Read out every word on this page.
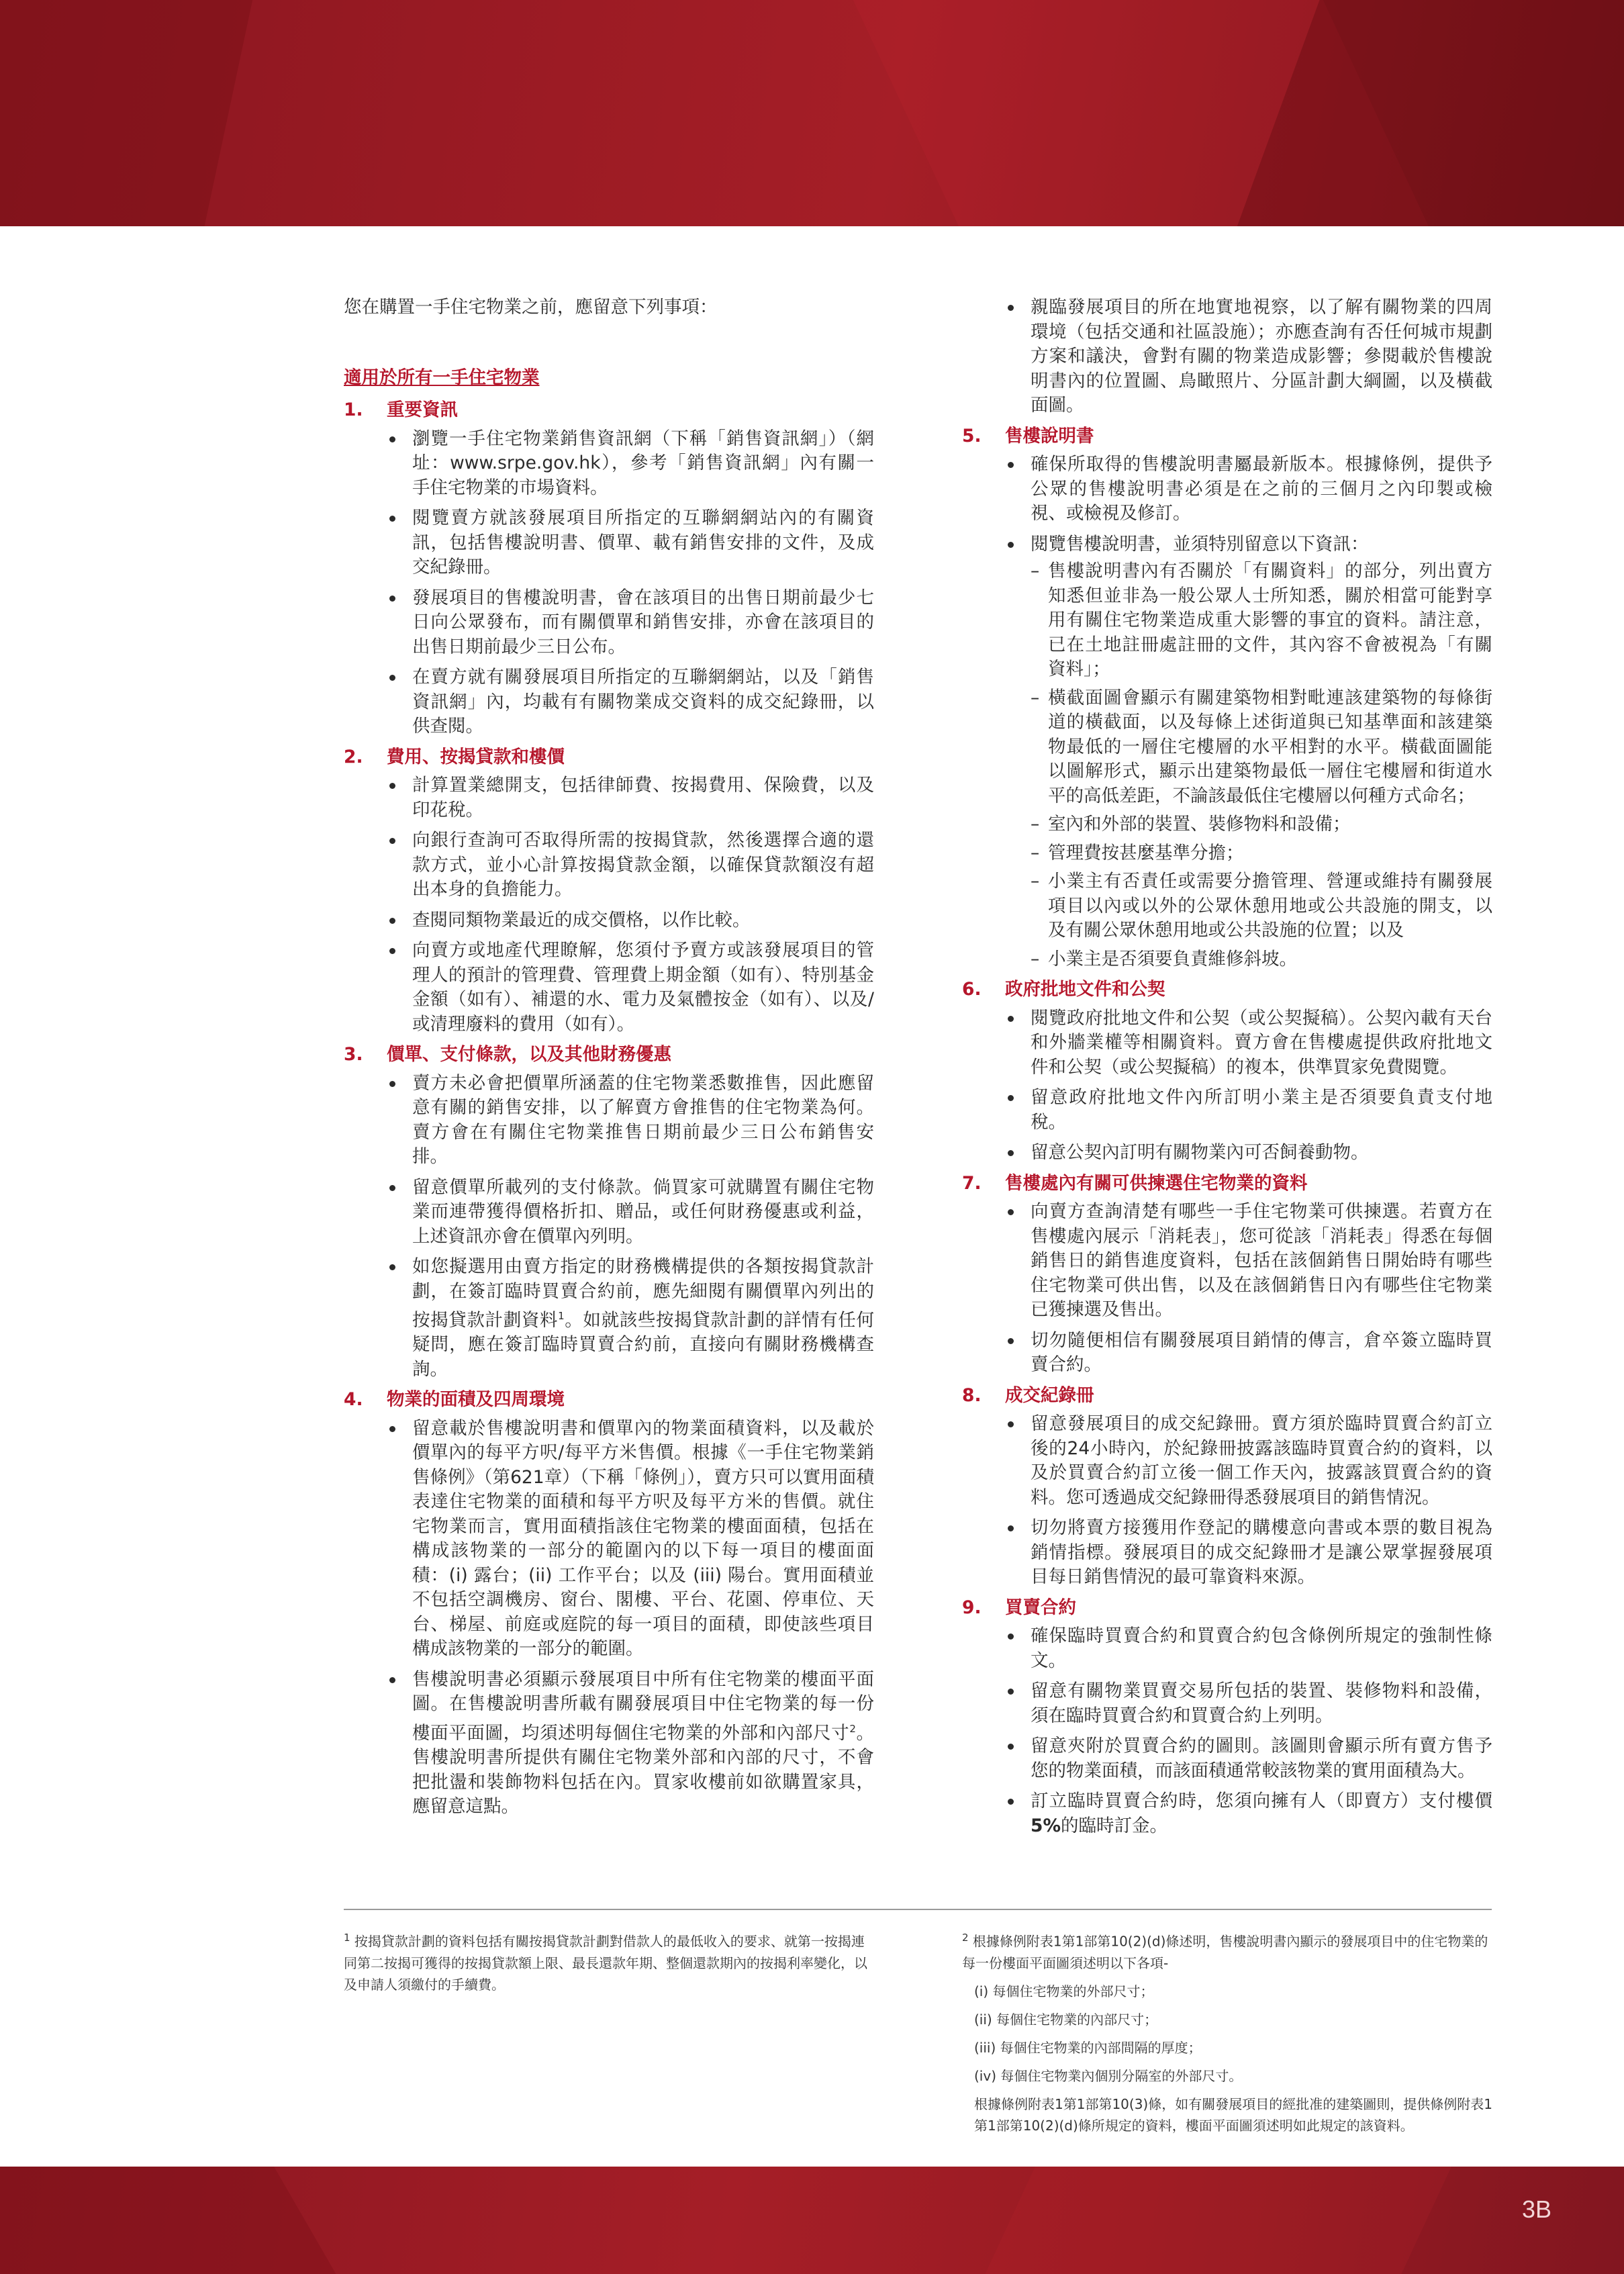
您在購置一手住宅物業之前，應留意下列事項：

適用於所有一手住宅物業
1.	重要資訊
瀏覽一手住宅物業銷售資訊網（下稱「銷售資訊網」）（網址：www.srpe.gov.hk），參考「銷售資訊網」內有關一手住宅物業的市場資料。
閱覽賣方就該發展項目所指定的互聯網網站內的有關資訊，包括售樓說明書、價單、載有銷售安排的文件，及成交紀錄冊。
發展項目的售樓說明書，會在該項目的出售日期前最少七日向公眾發布，而有關價單和銷售安排，亦會在該項目的出售日期前最少三日公布。
在賣方就有關發展項目所指定的互聯網網站，以及「銷售資訊網」內，均載有有關物業成交資料的成交紀錄冊，以供查閱。
2.	費用、按揭貸款和樓價
計算置業總開支，包括律師費、按揭費用、保險費，以及印花稅。
向銀行查詢可否取得所需的按揭貸款，然後選擇合適的還款方式，並小心計算按揭貸款金額，以確保貸款額沒有超出本身的負擔能力。
查閱同類物業最近的成交價格，以作比較。
向賣方或地產代理瞭解，您須付予賣方或該發展項目的管理人的預計的管理費、管理費上期金額（如有）、特別基金金額（如有）、補還的水、電力及氣體按金（如有）、以及/或清理廢料的費用（如有）。
3.	價單、支付條款，以及其他財務優惠
賣方未必會把價單所涵蓋的住宅物業悉數推售，因此應留意有關的銷售安排，以了解賣方會推售的住宅物業為何。賣方會在有關住宅物業推售日期前最少三日公布銷售安排。
留意價單所載列的支付條款。倘買家可就購置有關住宅物業而連帶獲得價格折扣、贈品，或任何財務優惠或利益，上述資訊亦會在價單內列明。
如您擬選用由賣方指定的財務機構提供的各類按揭貸款計劃，在簽訂臨時買賣合約前，應先細閱有關價單內列出的按揭貸款計劃資料$^1$。如就該些按揭貸款計劃的詳情有任何疑問，應在簽訂臨時買賣合約前，直接向有關財務機構查詢。
4.	物業的面積及四周環境
留意載於售樓說明書和價單內的物業面積資料，以及載於價單內的每平方呎/每平方米售價。根據《一手住宅物業銷售條例》（第621章）（下稱「條例」），賣方只可以實用面積表達住宅物業的面積和每平方呎及每平方米的售價。就住宅物業而言，實用面積指該住宅物業的樓面面積，包括在構成該物業的一部分的範圍內的以下每一項目的樓面面積：(i) 露台；(ii) 工作平台；以及 (iii) 陽台。實用面積並不包括空調機房、窗台、閣樓、平台、花園、停車位、天台、梯屋、前庭或庭院的每一項目的面積，即使該些項目構成該物業的一部分的範圍。
售樓說明書必須顯示發展項目中所有住宅物業的樓面平面圖。在售樓說明書所載有關發展項目中住宅物業的每一份樓面平面圖，均須述明每個住宅物業的外部和內部尺寸$^2$。售樓說明書所提供有關住宅物業外部和內部的尺寸，不會把批盪和裝飾物料包括在內。買家收樓前如欲購置家具，應留意這點。
親臨發展項目的所在地實地視察，以了解有關物業的四周環境（包括交通和社區設施）；亦應查詢有否任何城市規劃方案和議決，會對有關的物業造成影響；參閱載於售樓說明書內的位置圖、鳥瞰照片、分區計劃大綱圖，以及橫截面圖。
5.	售樓說明書
確保所取得的售樓說明書屬最新版本。根據條例，提供予公眾的售樓說明書必須是在之前的三個月之內印製或檢視、或檢視及修訂。
閱覽售樓說明書，並須特別留意以下資訊：
– 售樓說明書內有否關於「有關資料」的部分，列出賣方知悉但並非為一般公眾人士所知悉，關於相當可能對享用有關住宅物業造成重大影響的事宜的資料。請注意，已在土地註冊處註冊的文件，其內容不會被視為「有關資料」；
– 橫截面圖會顯示有關建築物相對毗連該建築物的每條街道的橫截面，以及每條上述街道與已知基準面和該建築物最低的一層住宅樓層的水平相對的水平。橫截面圖能以圖解形式，顯示出建築物最低一層住宅樓層和街道水平的高低差距，不論該最低住宅樓層以何種方式命名；
– 室內和外部的裝置、裝修物料和設備；
– 管理費按甚麼基準分擔；
– 小業主有否責任或需要分擔管理、營運或維持有關發展項目以內或以外的公眾休憩用地或公共設施的開支，以及有關公眾休憩用地或公共設施的位置；以及
– 小業主是否須要負責維修斜坡。
6.	政府批地文件和公契
閱覽政府批地文件和公契（或公契擬稿）。公契內載有天台和外牆業權等相關資料。賣方會在售樓處提供政府批地文件和公契（或公契擬稿）的複本，供準買家免費閱覽。
留意政府批地文件內所訂明小業主是否須要負責支付地稅。
留意公契內訂明有關物業內可否飼養動物。
7.	售樓處內有關可供揀選住宅物業的資料
向賣方查詢清楚有哪些一手住宅物業可供揀選。若賣方在售樓處內展示「消耗表」，您可從該「消耗表」得悉在每個銷售日的銷售進度資料，包括在該個銷售日開始時有哪些住宅物業可供出售，以及在該個銷售日內有哪些住宅物業已獲揀選及售出。
切勿隨便相信有關發展項目銷情的傳言，倉卒簽立臨時買賣合約。
8.	成交紀錄冊
留意發展項目的成交紀錄冊。賣方須於臨時買賣合約訂立後的24小時內，於紀錄冊披露該臨時買賣合約的資料，以及於買賣合約訂立後一個工作天內，披露該買賣合約的資料。您可透過成交紀錄冊得悉發展項目的銷售情況。
切勿將賣方接獲用作登記的購樓意向書或本票的數目視為銷情指標。發展項目的成交紀錄冊才是讓公眾掌握發展項目每日銷售情況的最可靠資料來源。
9.	買賣合約
確保臨時買賣合約和買賣合約包含條例所規定的強制性條文。
留意有關物業買賣交易所包括的裝置、裝修物料和設備，須在臨時買賣合約和買賣合約上列明。
留意夾附於買賣合約的圖則。該圖則會顯示所有賣方售予您的物業面積，而該面積通常較該物業的實用面積為大。
訂立臨時買賣合約時，您須向擁有人（即賣方）支付樓價5%的臨時訂金。

$^1$ 按揭貸款計劃的資料包括有關按揭貸款計劃對借款人的最低收入的要求、就第一按揭連同第二按揭可獲得的按揭貸款額上限、最長還款年期、整個還款期內的按揭利率變化，以及申請人須繳付的手續費。

$^2$ 根據條例附表1第1部第10(2)(d)條述明，售樓說明書內顯示的發展項目中的住宅物業的每一份樓面平面圖須述明以下各項-

(i) 每個住宅物業的外部尺寸；

(ii) 每個住宅物業的內部尺寸；

(iii) 每個住宅物業的內部間隔的厚度；

(iv) 每個住宅物業內個別分隔室的外部尺寸。

根據條例附表1第1部第10(3)條，如有關發展項目的經批准的建築圖則，提供條例附表1第1部第10(2)(d)條所規定的資料，樓面平面圖須述明如此規定的該資料。

3B
